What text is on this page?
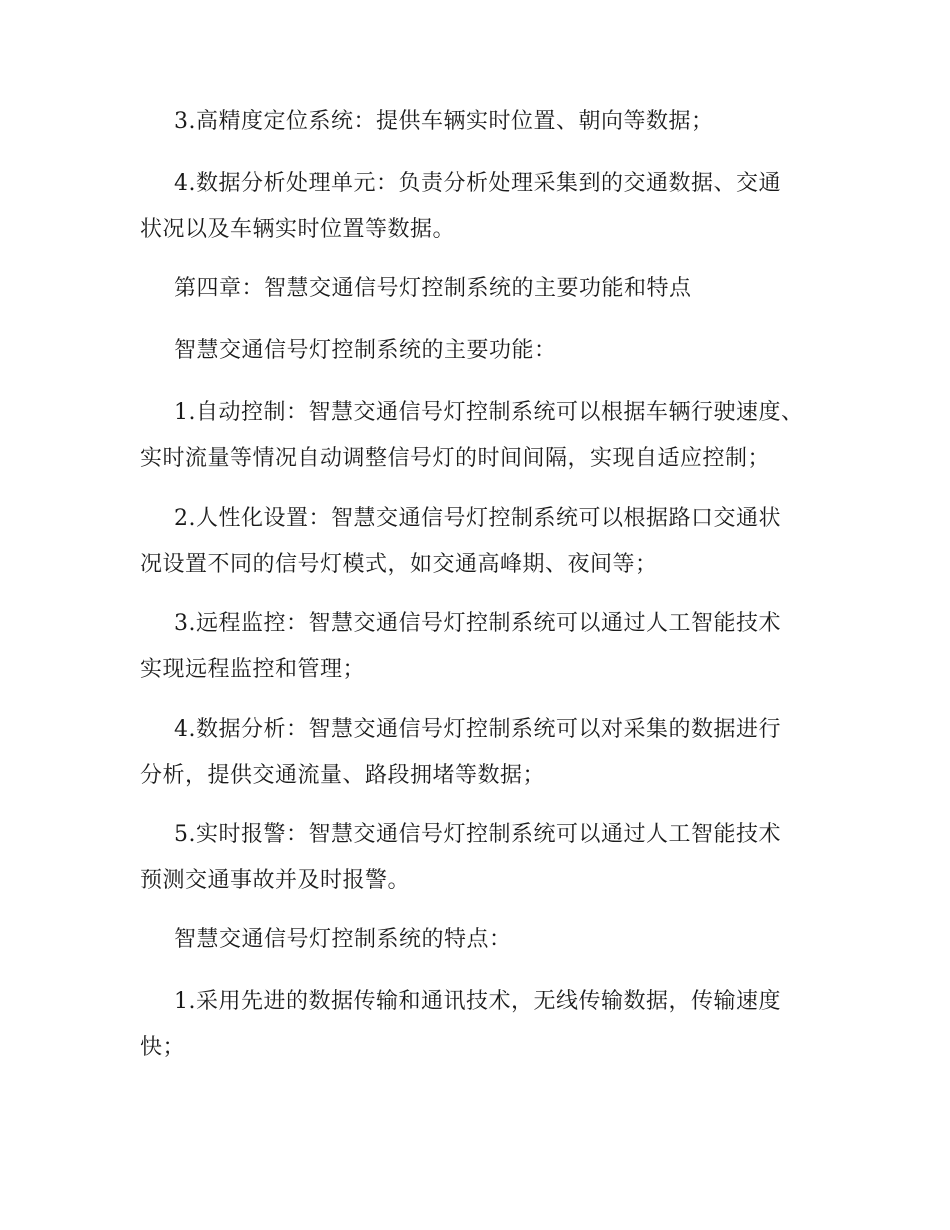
3.高精度定位系统：提供车辆实时位置、朝向等数据；

4.数据分析处理单元：负责分析处理采集到的交通数据、交通
状况以及车辆实时位置等数据。

第四章：智慧交通信号灯控制系统的主要功能和特点

智慧交通信号灯控制系统的主要功能：

1.自动控制：智慧交通信号灯控制系统可以根据车辆行驶速度、
实时流量等情况自动调整信号灯的时间间隔，实现自适应控制；

2.人性化设置：智慧交通信号灯控制系统可以根据路口交通状
况设置不同的信号灯模式，如交通高峰期、夜间等；

3.远程监控：智慧交通信号灯控制系统可以通过人工智能技术
实现远程监控和管理；

4.数据分析：智慧交通信号灯控制系统可以对采集的数据进行
分析，提供交通流量、路段拥堵等数据；

5.实时报警：智慧交通信号灯控制系统可以通过人工智能技术
预测交通事故并及时报警。

智慧交通信号灯控制系统的特点：

1.采用先进的数据传输和通讯技术，无线传输数据，传输速度
快；
